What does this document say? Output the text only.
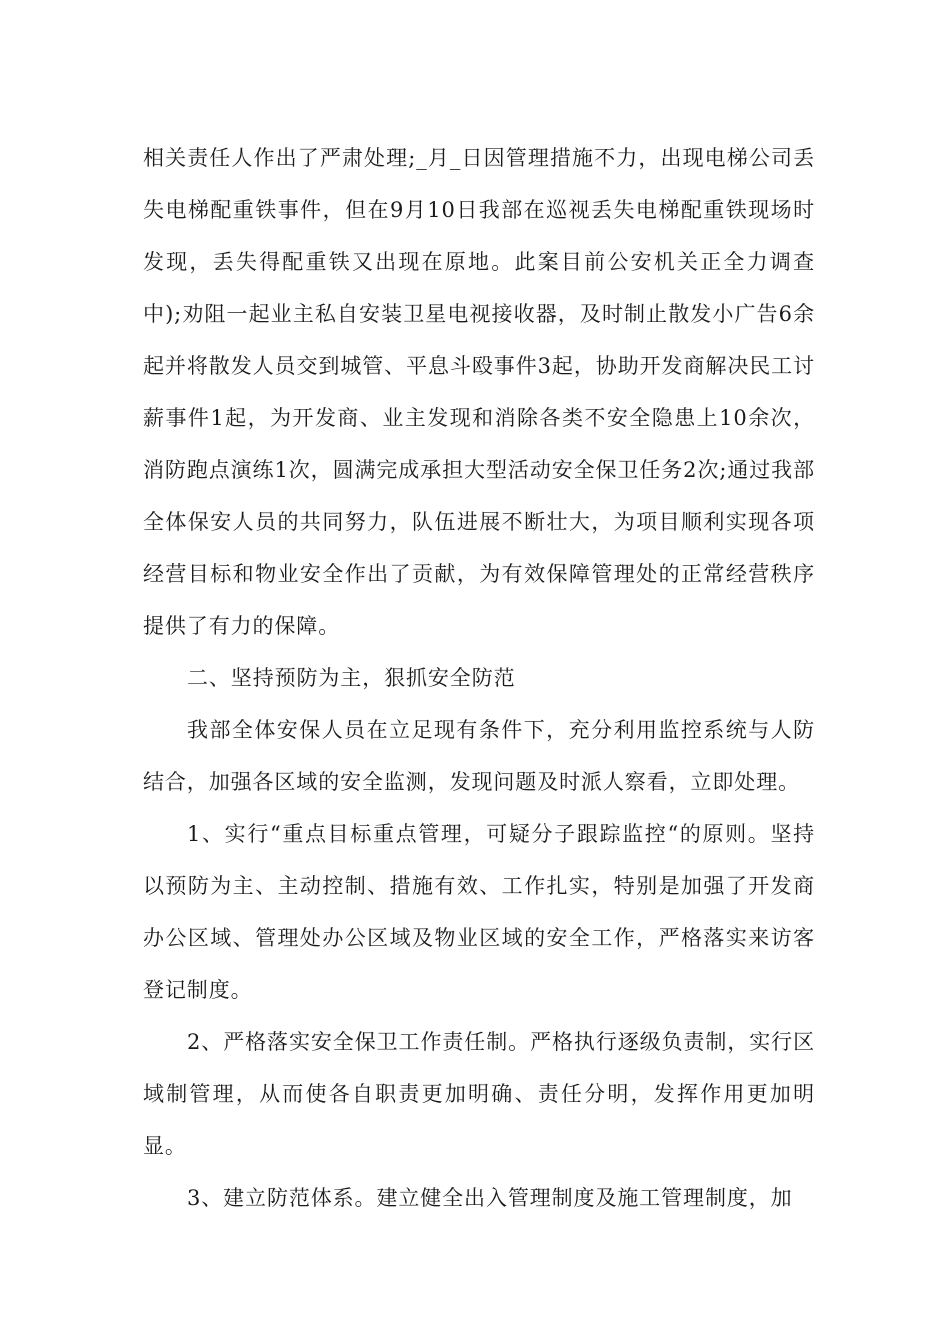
相关责任人作出了严肃处理;_月_日因管理措施不力，出现电梯公司丢失电梯配重铁事件，但在9月10日我部在巡视丢失电梯配重铁现场时发现，丢失得配重铁又出现在原地。此案目前公安机关正全力调查中);劝阻一起业主私自安装卫星电视接收器，及时制止散发小广告6余起并将散发人员交到城管、平息斗殴事件3起，协助开发商解决民工讨薪事件1起，为开发商、业主发现和消除各类不安全隐患上10余次，消防跑点演练1次，圆满完成承担大型活动安全保卫任务2次;通过我部全体保安人员的共同努力，队伍进展不断壮大，为项目顺利实现各项经营目标和物业安全作出了贡献，为有效保障管理处的正常经营秩序提供了有力的保障。

二、坚持预防为主，狠抓安全防范

我部全体安保人员在立足现有条件下，充分利用监控系统与人防结合，加强各区域的安全监测，发现问题及时派人察看，立即处理。

1、实行“重点目标重点管理，可疑分子跟踪监控“的原则。坚持以预防为主、主动控制、措施有效、工作扎实，特别是加强了开发商办公区域、管理处办公区域及物业区域的安全工作，严格落实来访客登记制度。

2、严格落实安全保卫工作责任制。严格执行逐级负责制，实行区域制管理，从而使各自职责更加明确、责任分明，发挥作用更加明显。

3、建立防范体系。建立健全出入管理制度及施工管理制度，加
